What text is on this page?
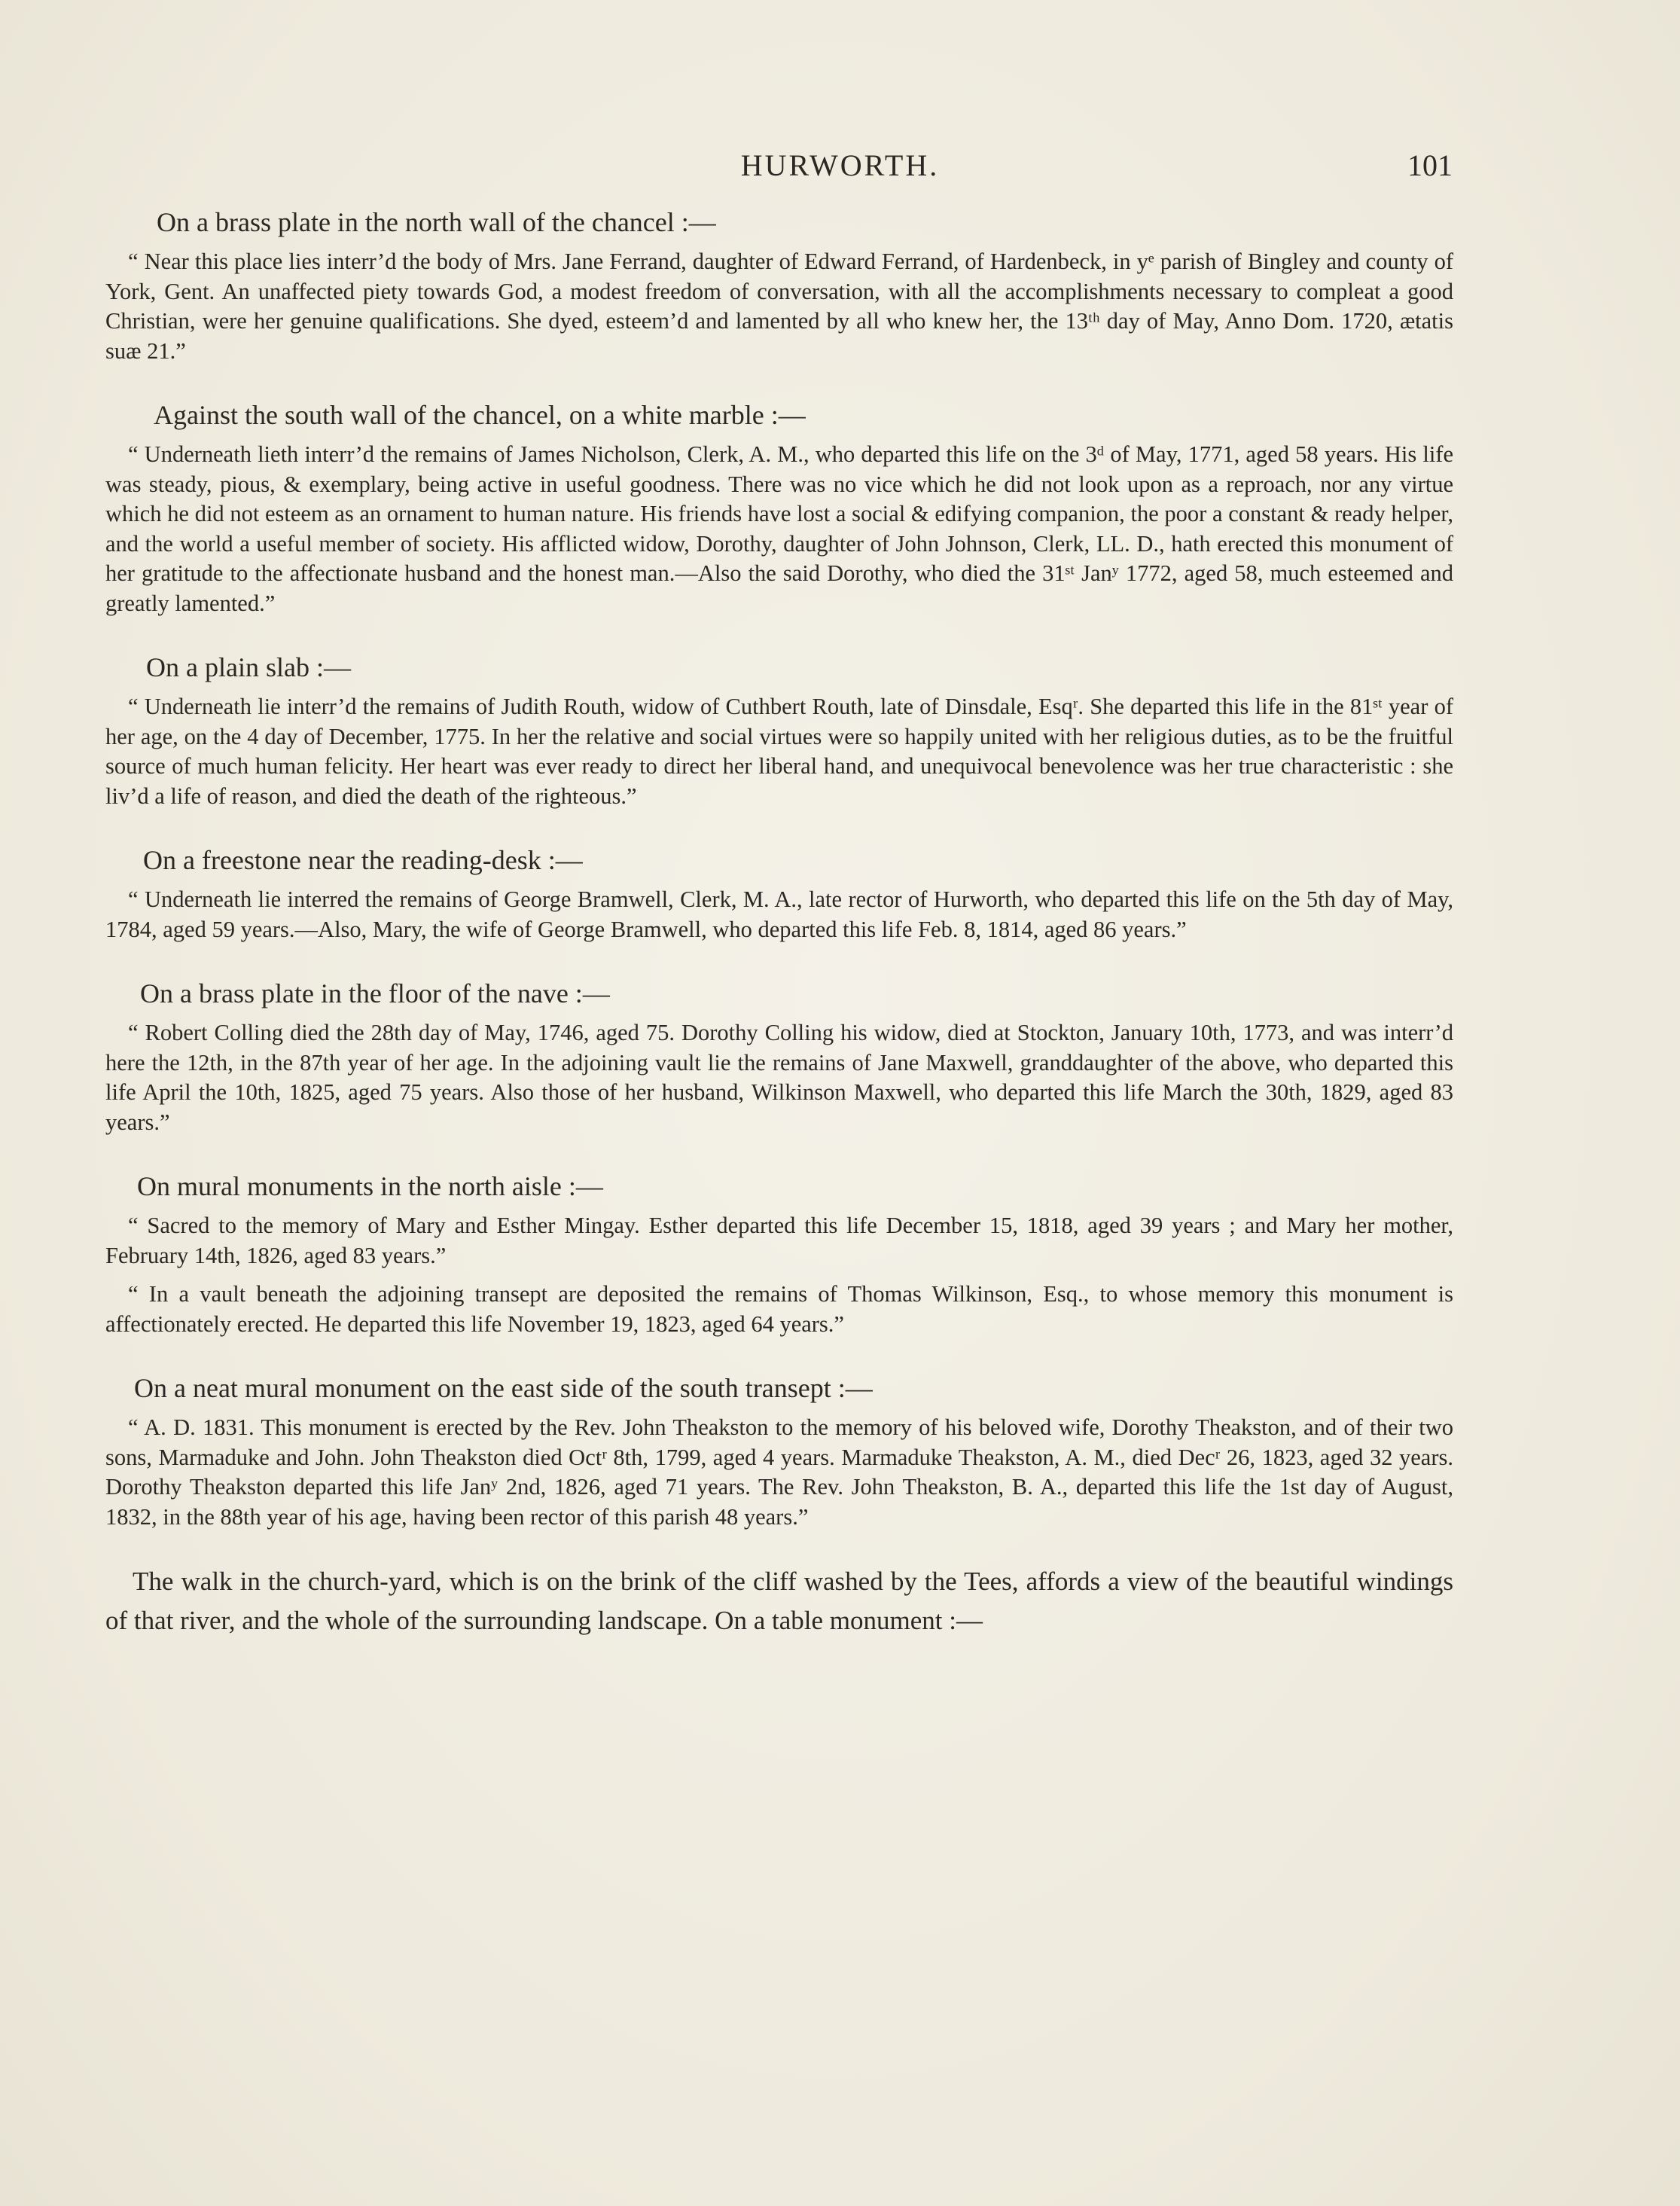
HURWORTH.	101

On a brass plate in the north wall of the chancel :—

“ Near this place lies interr’d the body of Mrs. Jane Ferrand, daughter of Edward Ferrand, of Hardenbeck, in yᵉ parish of Bingley and county of York, Gent. An unaffected piety towards God, a modest freedom of conversation, with all the accomplishments necessary to compleat a good Christian, were her genuine qualifications. She dyed, esteem’d and lamented by all who knew her, the 13ᵗʰ day of May, Anno Dom. 1720, ætatis suæ 21.”

Against the south wall of the chancel, on a white marble :—

“ Underneath lieth interr’d the remains of James Nicholson, Clerk, A. M., who departed this life on the 3ᵈ of May, 1771, aged 58 years. His life was steady, pious, & exemplary, being active in useful goodness. There was no vice which he did not look upon as a reproach, nor any virtue which he did not esteem as an ornament to human nature. His friends have lost a social & edifying companion, the poor a constant & ready helper, and the world a useful member of society. His afflicted widow, Dorothy, daughter of John Johnson, Clerk, LL. D., hath erected this monument of her gratitude to the affectionate husband and the honest man.—Also the said Dorothy, who died the 31ˢᵗ Janʸ 1772, aged 58, much esteemed and greatly lamented.”

On a plain slab :—

“ Underneath lie interr’d the remains of Judith Routh, widow of Cuthbert Routh, late of Dinsdale, Esqʳ. She departed this life in the 81ˢᵗ year of her age, on the 4 day of December, 1775. In her the relative and social virtues were so happily united with her religious duties, as to be the fruitful source of much human felicity. Her heart was ever ready to direct her liberal hand, and unequivocal benevolence was her true characteristic : she liv’d a life of reason, and died the death of the righteous.”

On a freestone near the reading-desk :—

“ Underneath lie interred the remains of George Bramwell, Clerk, M. A., late rector of Hurworth, who departed this life on the 5th day of May, 1784, aged 59 years.—Also, Mary, the wife of George Bramwell, who departed this life Feb. 8, 1814, aged 86 years.”

On a brass plate in the floor of the nave :—

“ Robert Colling died the 28th day of May, 1746, aged 75. Dorothy Colling his widow, died at Stockton, January 10th, 1773, and was interr’d here the 12th, in the 87th year of her age. In the adjoining vault lie the remains of Jane Maxwell, granddaughter of the above, who departed this life April the 10th, 1825, aged 75 years. Also those of her husband, Wilkinson Maxwell, who departed this life March the 30th, 1829, aged 83 years.”

On mural monuments in the north aisle :—

“ Sacred to the memory of Mary and Esther Mingay. Esther departed this life December 15, 1818, aged 39 years ; and Mary her mother, February 14th, 1826, aged 83 years.”

“ In a vault beneath the adjoining transept are deposited the remains of Thomas Wilkinson, Esq., to whose memory this monument is affectionately erected. He departed this life November 19, 1823, aged 64 years.”

On a neat mural monument on the east side of the south transept :—

“ A. D. 1831. This monument is erected by the Rev. John Theakston to the memory of his beloved wife, Dorothy Theakston, and of their two sons, Marmaduke and John. John Theakston died Octʳ 8th, 1799, aged 4 years. Marmaduke Theakston, A. M., died Decʳ 26, 1823, aged 32 years. Dorothy Theakston departed this life Janʸ 2nd, 1826, aged 71 years. The Rev. John Theakston, B. A., departed this life the 1st day of August, 1832, in the 88th year of his age, having been rector of this parish 48 years.”

The walk in the church-yard, which is on the brink of the cliff washed by the Tees, affords a view of the beautiful windings of that river, and the whole of the surrounding landscape. On a table monument :—
